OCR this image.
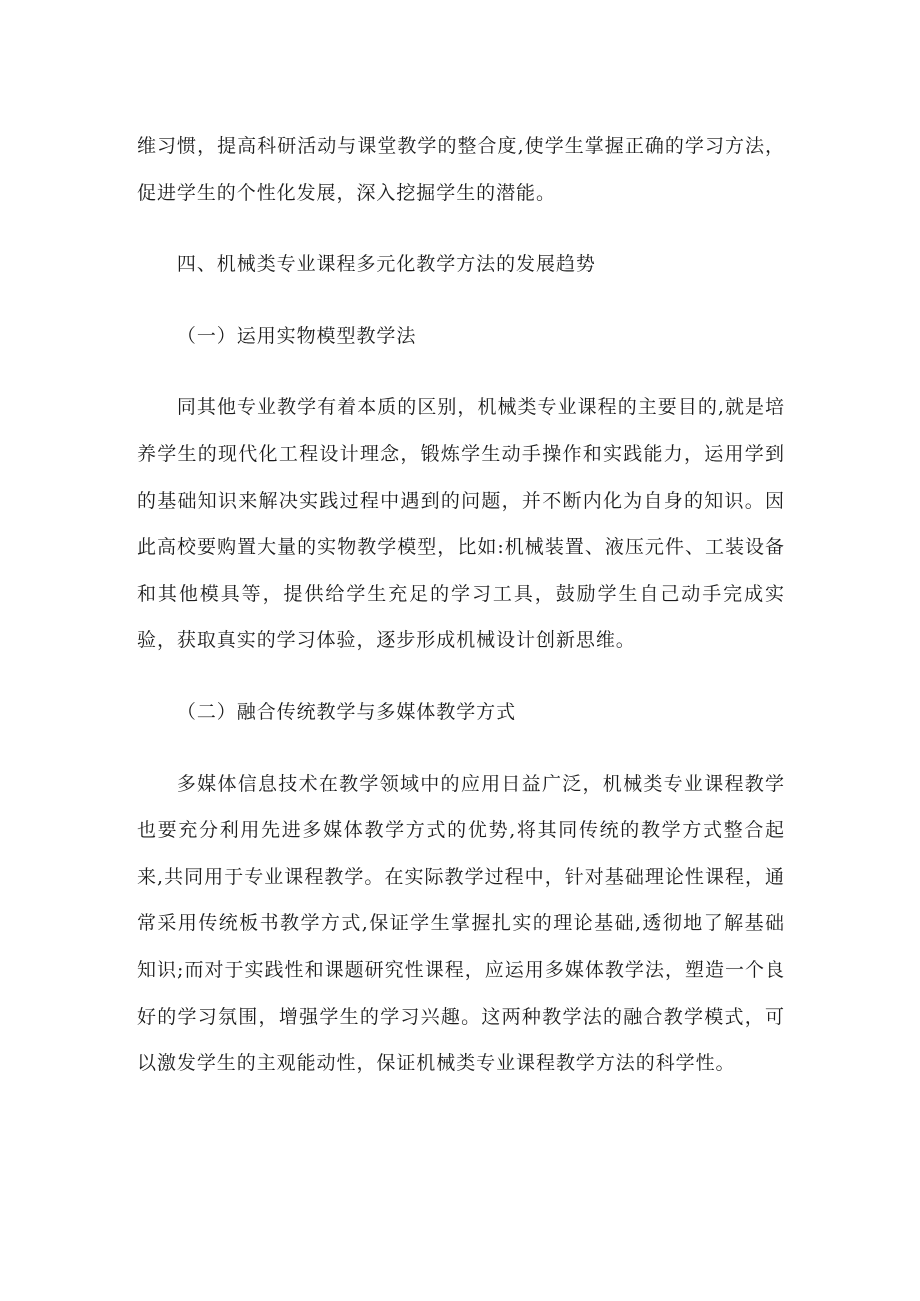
维习惯，提高科研活动与课堂教学的整合度,使学生掌握正确的学习方法，促进学生的个性化发展，深入挖掘学生的潜能。

四、机械类专业课程多元化教学方法的发展趋势

（一）运用实物模型教学法

同其他专业教学有着本质的区别，机械类专业课程的主要目的,就是培养学生的现代化工程设计理念，锻炼学生动手操作和实践能力，运用学到的基础知识来解决实践过程中遇到的问题，并不断内化为自身的知识。因此高校要购置大量的实物教学模型，比如:机械装置、液压元件、工装设备和其他模具等，提供给学生充足的学习工具，鼓励学生自己动手完成实验，获取真实的学习体验，逐步形成机械设计创新思维。

（二）融合传统教学与多媒体教学方式

多媒体信息技术在教学领域中的应用日益广泛，机械类专业课程教学也要充分利用先进多媒体教学方式的优势,将其同传统的教学方式整合起来,共同用于专业课程教学。在实际教学过程中，针对基础理论性课程，通常采用传统板书教学方式,保证学生掌握扎实的理论基础,透彻地了解基础知识;而对于实践性和课题研究性课程，应运用多媒体教学法，塑造一个良好的学习氛围，增强学生的学习兴趣。这两种教学法的融合教学模式，可以激发学生的主观能动性，保证机械类专业课程教学方法的科学性。
